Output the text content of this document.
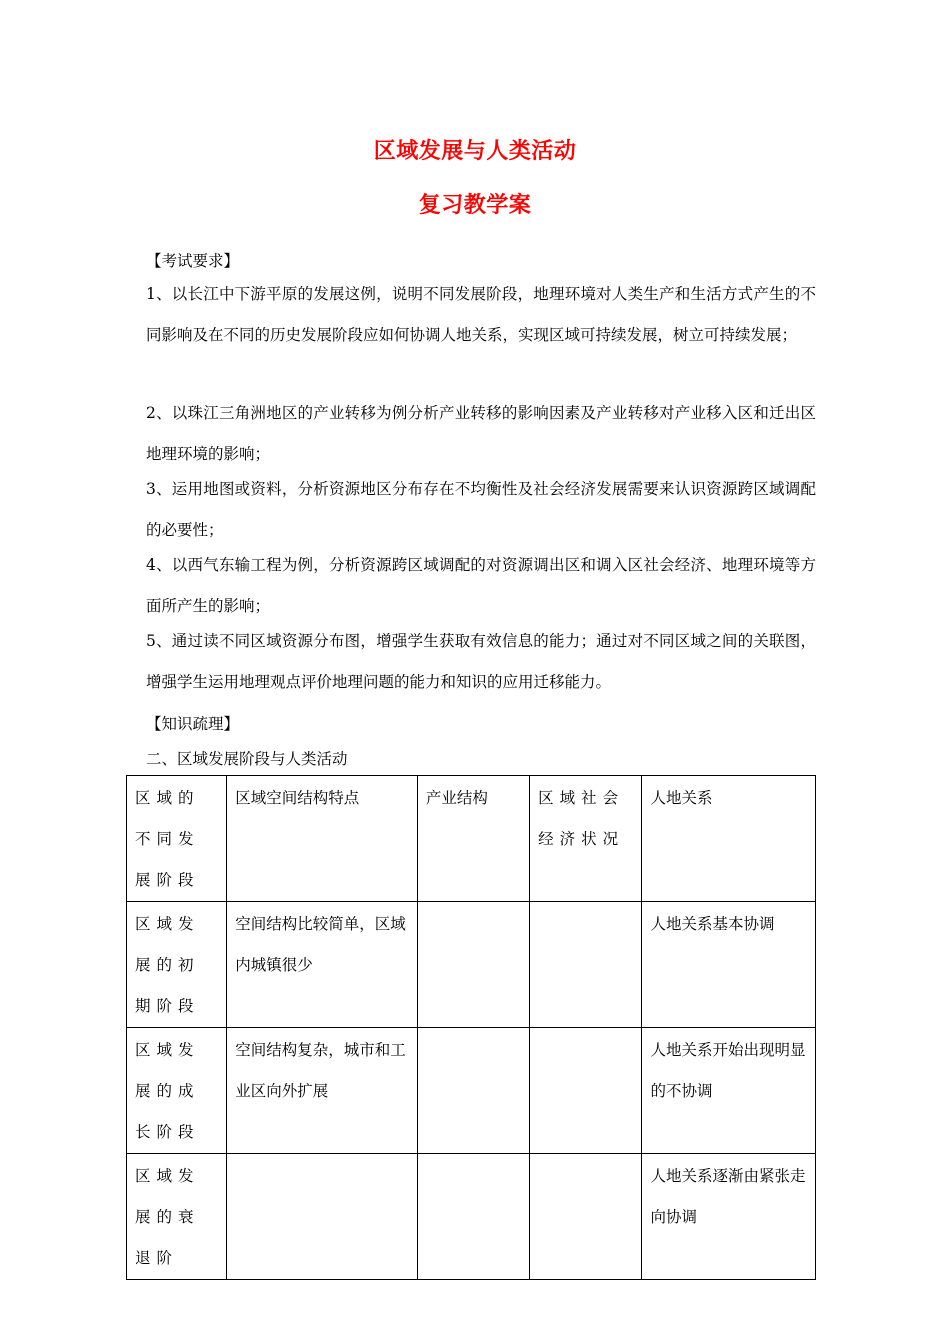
区域发展与人类活动
复习教学案
【考试要求】
1、以长江中下游平原的发展这例，说明不同发展阶段，地理环境对人类生产和生活方式产生的不同影响及在不同的历史发展阶段应如何协调人地关系，实现区域可持续发展，树立可持续发展；
2、以珠江三角洲地区的产业转移为例分析产业转移的影响因素及产业转移对产业移入区和迁出区地理环境的影响；
3、运用地图或资料，分析资源地区分布存在不均衡性及社会经济发展需要来认识资源跨区域调配的必要性；
4、以西气东输工程为例，分析资源跨区域调配的对资源调出区和调入区社会经济、地理环境等方面所产生的影响；
5、通过读不同区域资源分布图，增强学生获取有效信息的能力；通过对不同区域之间的关联图，增强学生运用地理观点评价地理问题的能力和知识的应用迁移能力。
【知识疏理】
二、区域发展阶段与人类活动
区域的不同发展阶段	区域空间结构特点	产业结构	区域社会经济状况	人地关系
区域发展的初期阶段	空间结构比较简单，区域内城镇很少			人地关系基本协调
区域发展的成长阶段	空间结构复杂，城市和工业区向外扩展			人地关系开始出现明显的不协调
区域发展的衰退阶				人地关系逐渐由紧张走向协调
